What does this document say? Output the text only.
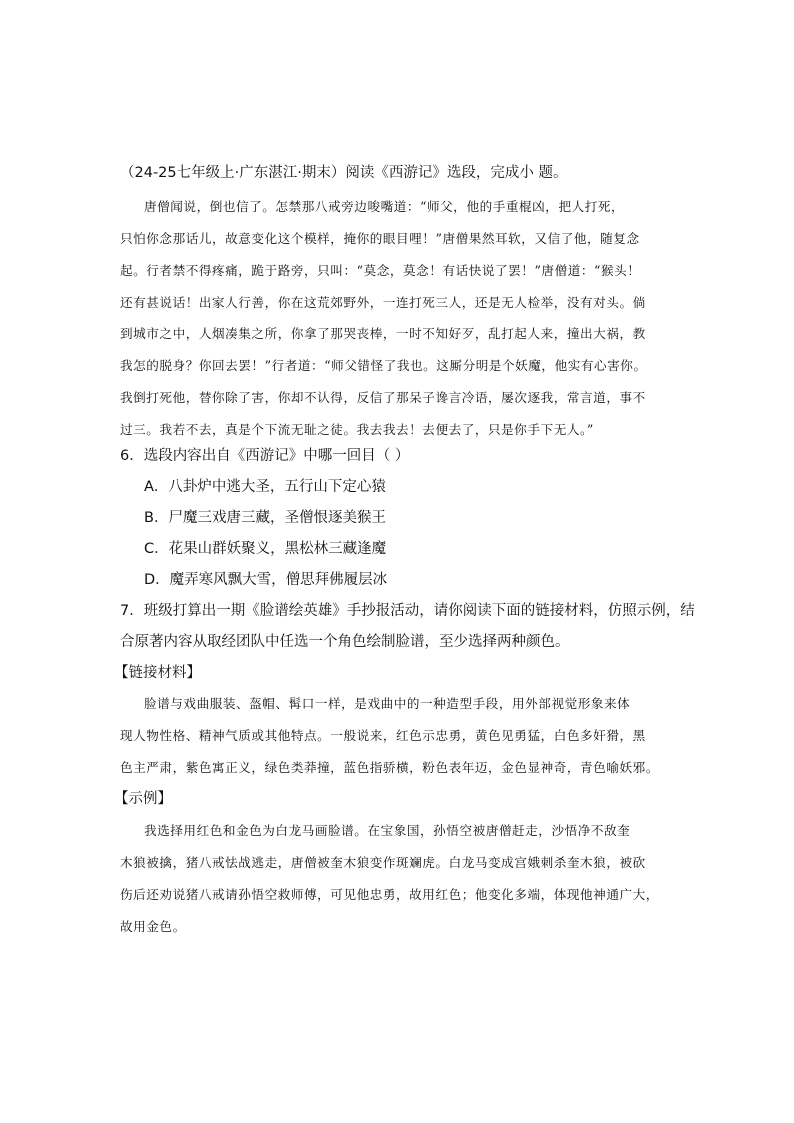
（24-25七年级上·广东湛江·期末）阅读《西游记》选段，完成小 题。
唐僧闻说，倒也信了。怎禁那八戒旁边唆嘴道：“师父，他的手重棍凶，把人打死，
只怕你念那话儿，故意变化这个模样，掩你的眼目哩！”唐僧果然耳软，又信了他，随复念
起。行者禁不得疼痛，跪于路旁，只叫：“莫念，莫念！有话快说了罢！”唐僧道：“猴头！
还有甚说话！出家人行善，你在这荒郊野外，一连打死三人，还是无人检举，没有对头。倘
到城市之中，人烟凑集之所，你拿了那哭丧棒，一时不知好歹，乱打起人来，撞出大祸，教
我怎的脱身？你回去罢！”行者道：“师父错怪了我也。这厮分明是个妖魔，他实有心害你。
我倒打死他，替你除了害，你却不认得，反信了那呆子谗言冷语，屡次逐我，常言道，事不
过三。我若不去，真是个下流无耻之徒。我去我去！去便去了，只是你手下无人。”
6．选段内容出自《西游记》中哪一回目（ ）
A．八卦炉中逃大圣，五行山下定心猿
B．尸魔三戏唐三藏，圣僧恨逐美猴王
C．花果山群妖聚义，黑松林三藏逢魔
D．魔弄寒风飘大雪，僧思拜佛履层冰
7．班级打算出一期《脸谱绘英雄》手抄报活动，请你阅读下面的链接材料，仿照示例，结
合原著内容从取经团队中任选一个角色绘制脸谱，至少选择两种颜色。
【链接材料】
脸谱与戏曲服装、盔帽、髯口一样，是戏曲中的一种造型手段，用外部视觉形象来体
现人物性格、精神气质或其他特点。一般说来，红色示忠勇，黄色见勇猛，白色多奸猾，黑
色主严肃，紫色寓正义，绿色类莽撞，蓝色指骄横，粉色表年迈，金色显神奇，青色喻妖邪。
【示例】
我选择用红色和金色为白龙马画脸谱。在宝象国，孙悟空被唐僧赶走，沙悟净不敌奎
木狼被擒，猪八戒怯战逃走，唐僧被奎木狼变作斑斓虎。白龙马变成宫娥刺杀奎木狼，被砍
伤后还劝说猪八戒请孙悟空救师傅，可见他忠勇，故用红色；他变化多端，体现他神通广大，
故用金色。
